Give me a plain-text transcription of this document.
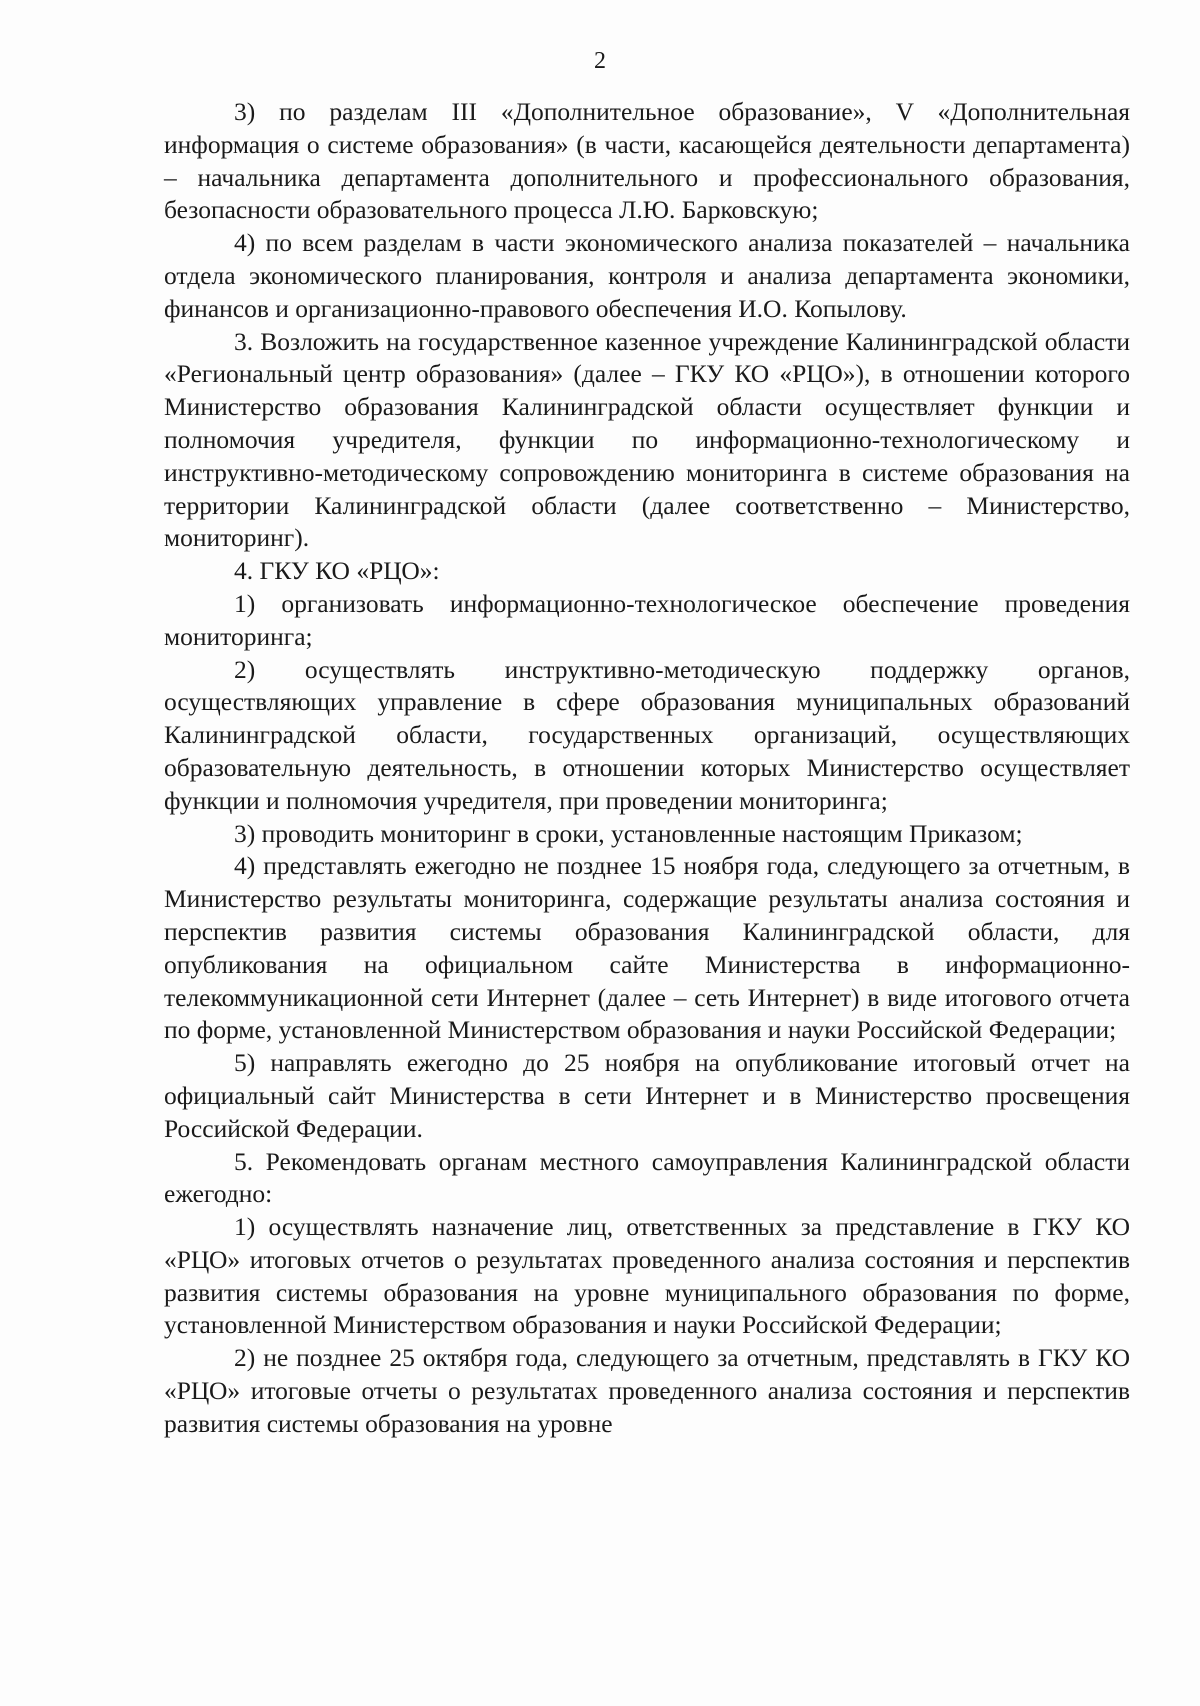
2

3) по разделам III «Дополнительное образование», V «Дополнительная информация о системе образования» (в части, касающейся деятельности департамента) – начальника департамента дополнительного и профессионального образования, безопасности образовательного процесса Л.Ю. Барковскую;

4) по всем разделам в части экономического анализа показателей – начальника отдела экономического планирования, контроля и анализа департамента экономики, финансов и организационно-правового обеспечения И.О. Копылову.

3. Возложить на государственное казенное учреждение Калининградской области «Региональный центр образования» (далее – ГКУ КО «РЦО»), в отношении которого Министерство образования Калининградской области осуществляет функции и полномочия учредителя, функции по информационно-технологическому и инструктивно-методическому сопровождению мониторинга в системе образования на территории Калининградской области (далее соответственно – Министерство, мониторинг).

4. ГКУ КО «РЦО»:

1) организовать информационно-технологическое обеспечение проведения мониторинга;

2) осуществлять инструктивно-методическую поддержку органов, осуществляющих управление в сфере образования муниципальных образований Калининградской области, государственных организаций, осуществляющих образовательную деятельность, в отношении которых Министерство осуществляет функции и полномочия учредителя, при проведении мониторинга;

3) проводить мониторинг в сроки, установленные настоящим Приказом;

4) представлять ежегодно не позднее 15 ноября года, следующего за отчетным, в Министерство результаты мониторинга, содержащие результаты анализа состояния и перспектив развития системы образования Калининградской области, для опубликования на официальном сайте Министерства в информационно-телекоммуникационной сети Интернет (далее – сеть Интернет) в виде итогового отчета по форме, установленной Министерством образования и науки Российской Федерации;

5) направлять ежегодно до 25 ноября на опубликование итоговый отчет на официальный сайт Министерства в сети Интернет и в Министерство просвещения Российской Федерации.

5. Рекомендовать органам местного самоуправления Калининградской области ежегодно:

1) осуществлять назначение лиц, ответственных за представление в ГКУ КО «РЦО» итоговых отчетов о результатах проведенного анализа состояния и перспектив развития системы образования на уровне муниципального образования по форме, установленной Министерством образования и науки Российской Федерации;

2) не позднее 25 октября года, следующего за отчетным, представлять в ГКУ КО «РЦО» итоговые отчеты о результатах проведенного анализа состояния и перспектив развития системы образования на уровне
